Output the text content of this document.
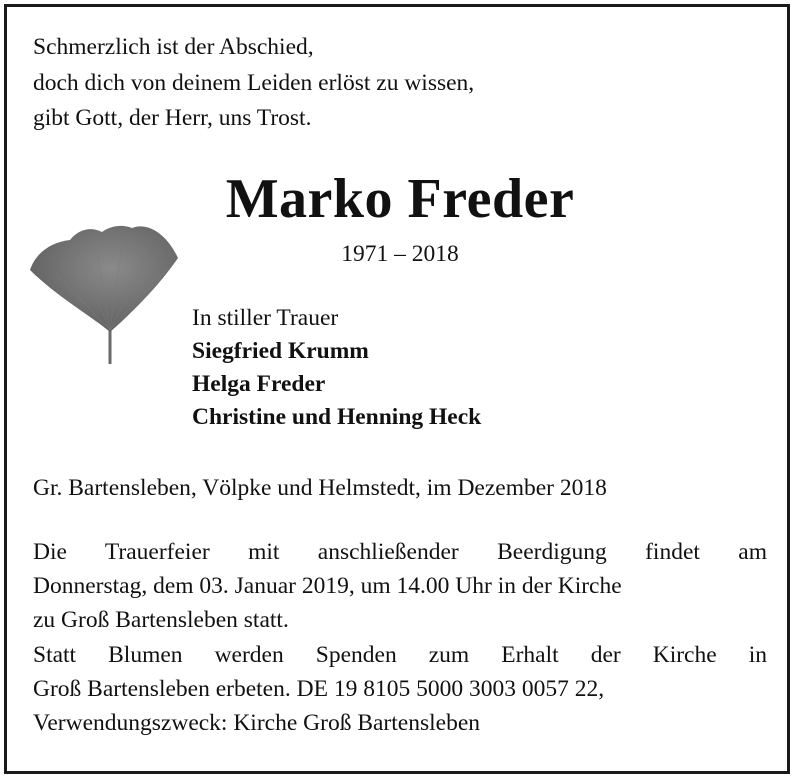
Schmerzlich ist der Abschied,
doch dich von deinem Leiden erlöst zu wissen,
gibt Gott, der Herr, uns Trost.
Marko Freder
1971 – 2018
In stiller Trauer
Siegfried Krumm
Helga Freder
Christine und Henning Heck
Gr. Bartensleben, Völpke und Helmstedt, im Dezember 2018
Die Trauerfeier mit anschließender Beerdigung findet am
Donnerstag, dem 03. Januar 2019, um 14.00 Uhr in der Kirche
zu Groß Bartensleben statt.
Statt Blumen werden Spenden zum Erhalt der Kirche in
Groß Bartensleben erbeten. DE 19 8105 5000 3003 0057 22,
Verwendungszweck: Kirche Groß Bartensleben
